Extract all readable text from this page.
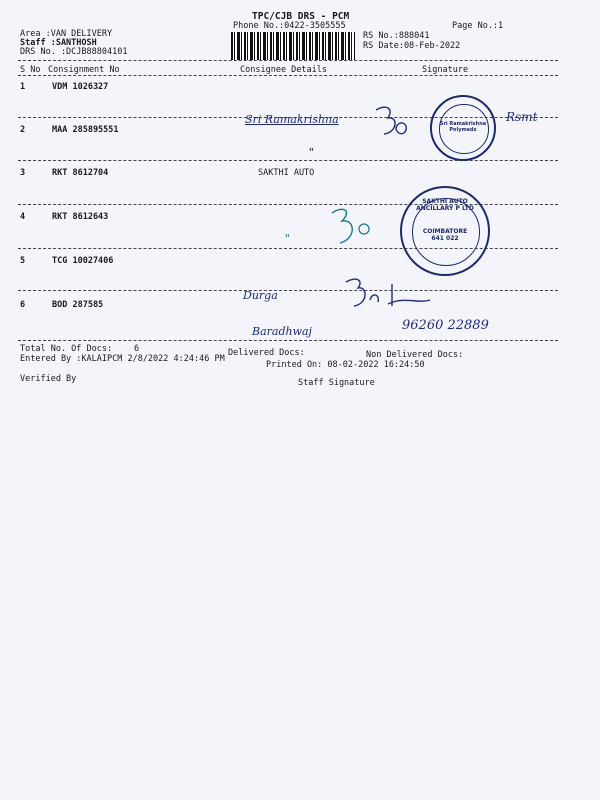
TPC/CJB DRS - PCM
Phone No.:0422-3505555	Page No.:1
Area :VAN DELIVERY
Staff :SANTHOSH
DRS No. :DCJB88804101
RS No.:888041
RS Date:08-Feb-2022
S No Consignment No	Consignee Details	Signature
1	VDM 1026327
2	MAA 285895551
3	RKT 8612704	SAKTHI AUTO
4	RKT 8612643
5	TCG 10027406
6	BOD 287585
Sri Ramakrishna	Rsmt
"
Sri Ramakrishna Polymeds
"
SAKTHI AUTO ANCILLARY P LTD
COIMBATORE 641 022
Durga
Baradhwaj	96260 22889
Total No. Of Docs:	6	Delivered Docs:	Non Delivered Docs:
Entered By :KALAIPCM 2/8/2022 4:24:46 PM
Printed On: 08-02-2022 16:24:50
Verified By	Staff Signature
